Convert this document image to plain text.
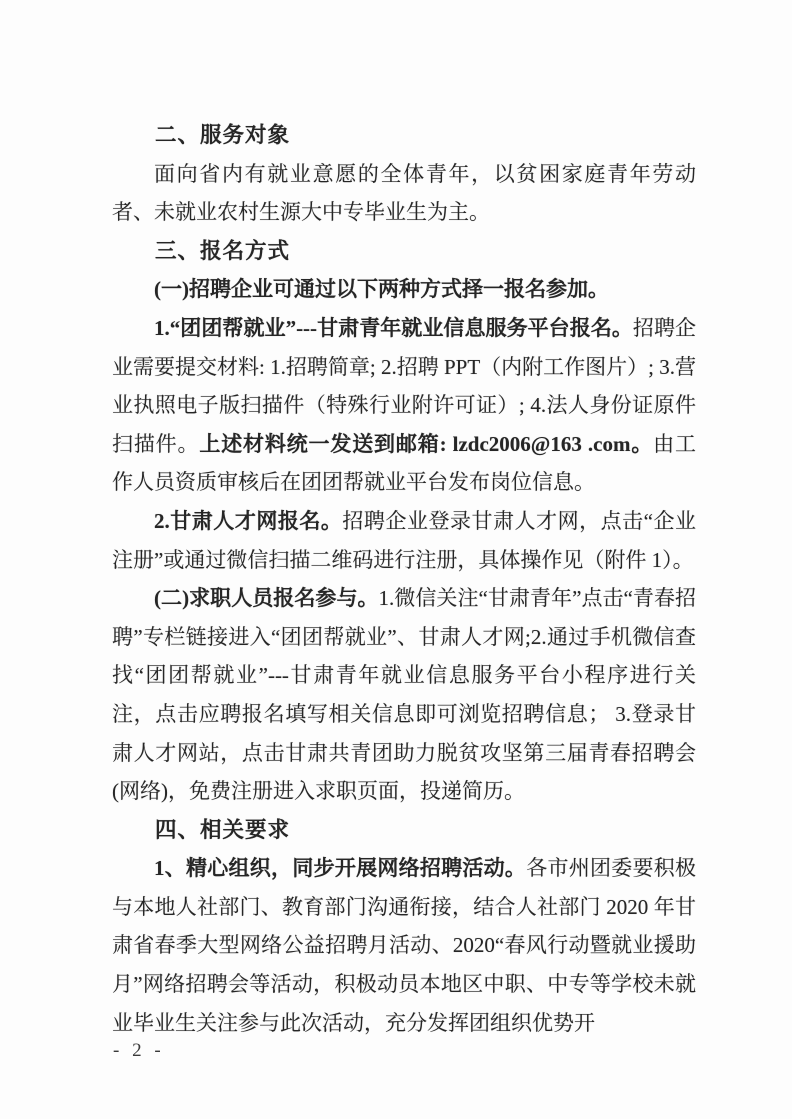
二、服务对象

面向省内有就业意愿的全体青年，以贫困家庭青年劳动者、未就业农村生源大中专毕业生为主。

三、报名方式

(一)招聘企业可通过以下两种方式择一报名参加。

1.“团团帮就业”---甘肃青年就业信息服务平台报名。招聘企业需要提交材料: 1.招聘简章; 2.招聘 PPT（内附工作图片）; 3.营业执照电子版扫描件（特殊行业附许可证）; 4.法人身份证原件扫描件。上述材料统一发送到邮箱: lzdc2006@163 .com。由工作人员资质审核后在团团帮就业平台发布岗位信息。

2.甘肃人才网报名。招聘企业登录甘肃人才网，点击“企业注册”或通过微信扫描二维码进行注册，具体操作见（附件 1）。

(二)求职人员报名参与。1.微信关注“甘肃青年”点击“青春招聘”专栏链接进入“团团帮就业”、甘肃人才网;2.通过手机微信查找“团团帮就业”---甘肃青年就业信息服务平台小程序进行关注，点击应聘报名填写相关信息即可浏览招聘信息； 3.登录甘肃人才网站，点击甘肃共青团助力脱贫攻坚第三届青春招聘会(网络)，免费注册进入求职页面，投递简历。

四、相关要求

1、精心组织，同步开展网络招聘活动。各市州团委要积极与本地人社部门、教育部门沟通衔接，结合人社部门 2020 年甘肃省春季大型网络公益招聘月活动、2020“春风行动暨就业援助月”网络招聘会等活动，积极动员本地区中职、中专等学校未就业毕业生关注参与此次活动，充分发挥团组织优势开

- 2 -
